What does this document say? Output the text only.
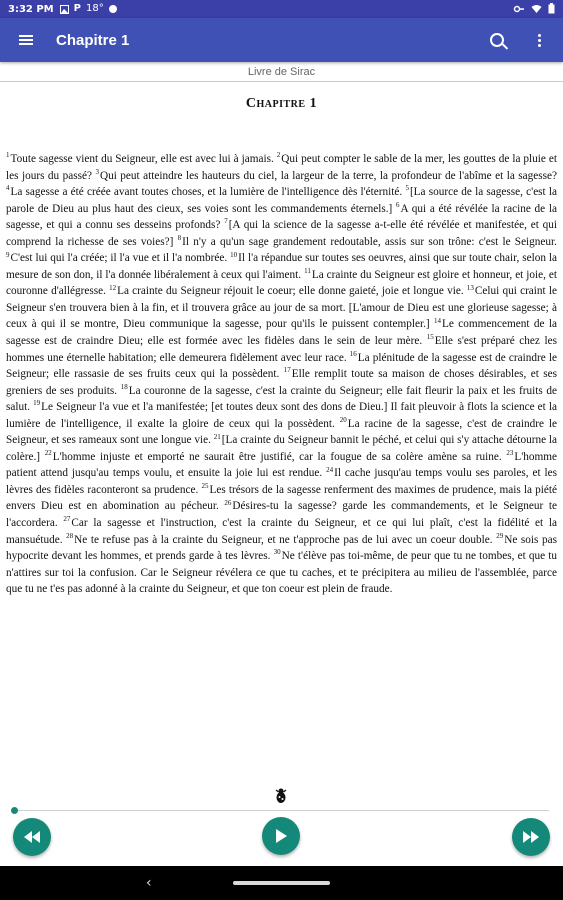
3:32 PM P 18°
Chapitre 1
Livre de Sirac
Chapitre 1
$^1$Toute sagesse vient du Seigneur, elle est avec lui à jamais. $^2$Qui peut compter le sable de la mer, les gouttes de la pluie et les jours du passé? $^3$Qui peut atteindre les hauteurs du ciel, la largeur de la terre, la profondeur de l'abîme et la sagesse? $^4$La sagesse a été créée avant toutes choses, et la lumière de l'intelligence dès l'éternité. $^5$[La source de la sagesse, c'est la parole de Dieu au plus haut des cieux, ses voies sont les commandements éternels.] $^6$A qui a été révélée la racine de la sagesse, et qui a connu ses desseins profonds? $^7$[A qui la science de la sagesse a-t-elle été révélée et manifestée, et qui comprend la richesse de ses voies?] $^8$Il n'y a qu'un sage grandement redoutable, assis sur son trône: c'est le Seigneur. $^9$C'est lui qui l'a créée; il l'a vue et il l'a nombrée. $^{10}$Il l'a répandue sur toutes ses oeuvres, ainsi que sur toute chair, selon la mesure de son don, il l'a donnée libéralement à ceux qui l'aiment. $^{11}$La crainte du Seigneur est gloire et honneur, et joie, et couronne d'allégresse. $^{12}$La crainte du Seigneur réjouit le coeur; elle donne gaieté, joie et longue vie. $^{13}$Celui qui craint le Seigneur s'en trouvera bien à la fin, et il trouvera grâce au jour de sa mort. [L'amour de Dieu est une glorieuse sagesse; à ceux à qui il se montre, Dieu communique la sagesse, pour qu'ils le puissent contempler.] $^{14}$Le commencement de la sagesse est de craindre Dieu; elle est formée avec les fidèles dans le sein de leur mère. $^{15}$Elle s'est préparé chez les hommes une éternelle habitation; elle demeurera fidèlement avec leur race. $^{16}$La plénitude de la sagesse est de craindre le Seigneur; elle rassasie de ses fruits ceux qui la possèdent. $^{17}$Elle remplit toute sa maison de choses désirables, et ses greniers de ses produits. $^{18}$La couronne de la sagesse, c'est la crainte du Seigneur; elle fait fleurir la paix et les fruits de salut. $^{19}$Le Seigneur l'a vue et l'a manifestée; [et toutes deux sont des dons de Dieu.] Il fait pleuvoir à flots la science et la lumière de l'intelligence, il exalte la gloire de ceux qui la possèdent. $^{20}$La racine de la sagesse, c'est de craindre le Seigneur, et ses rameaux sont une longue vie. $^{21}$[La crainte du Seigneur bannit le péché, et celui qui s'y attache détourne la colère.] $^{22}$L'homme injuste et emporté ne saurait être justifié, car la fougue de sa colère amène sa ruine. $^{23}$L'homme patient attend jusqu'au temps voulu, et ensuite la joie lui est rendue. $^{24}$Il cache jusqu'au temps voulu ses paroles, et les lèvres des fidèles raconteront sa prudence. $^{25}$Les trésors de la sagesse renferment des maximes de prudence, mais la piété envers Dieu est en abomination au pécheur. $^{26}$Désires-tu la sagesse? garde les commandements, et le Seigneur te l'accordera. $^{27}$Car la sagesse et l'instruction, c'est la crainte du Seigneur, et ce qui lui plaît, c'est la fidélité et la mansuétude. $^{28}$Ne te refuse pas à la crainte du Seigneur, et ne t'approche pas de lui avec un coeur double. $^{29}$Ne sois pas hypocrite devant les hommes, et prends garde à tes lèvres. $^{30}$Ne t'élève pas toi-même, de peur que tu ne tombes, et que tu n'attires sur toi la confusion. Car le Seigneur révélera ce que tu caches, et te précipitera au milieu de l'assemblée, parce que tu ne t'es pas adonné à la crainte du Seigneur, et que ton coeur est plein de fraude.
‹
